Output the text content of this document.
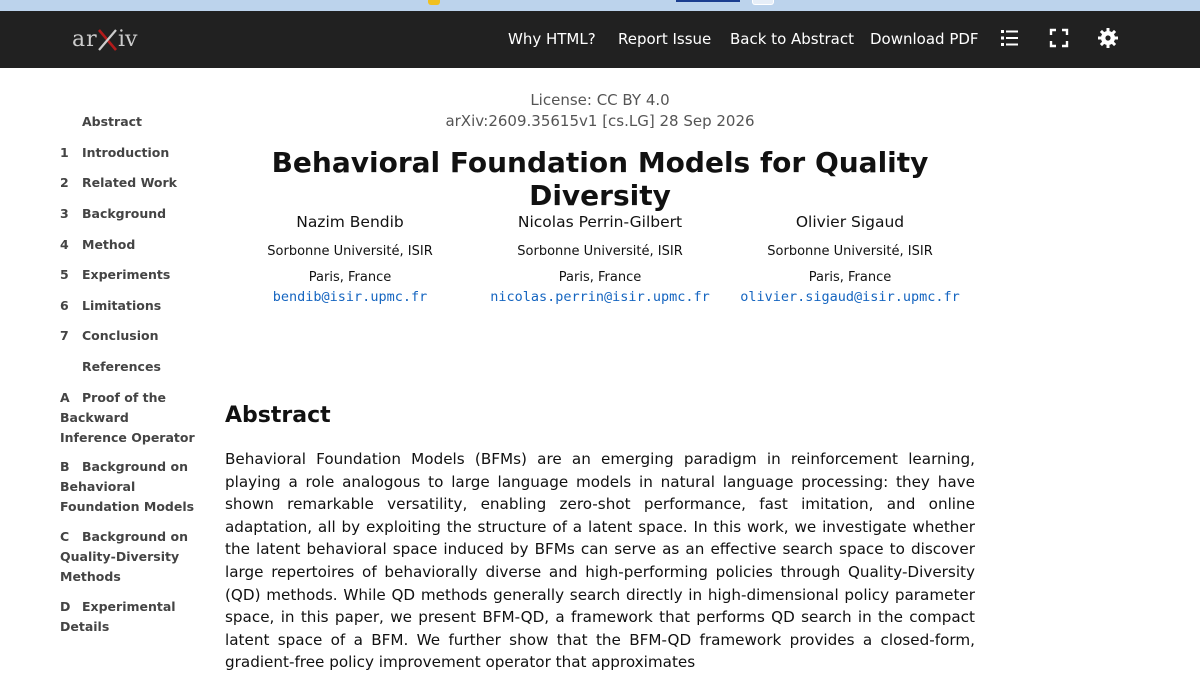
ar iv	Why HTML? Report Issue Back to Abstract Download PDF
Abstract
1 Introduction
2 Related Work
3 Background
4 Method
5 Experiments
6 Limitations
7 Conclusion
References
A Proof of the Backward Inference Operator
B Background on Behavioral Foundation Models
C Background on Quality-Diversity Methods
D Experimental Details
License: CC BY 4.0
arXiv:2609.35615v1 [cs.LG] 28 Sep 2026
Behavioral Foundation Models for Quality Diversity
Nazim Bendib
Sorbonne Université, ISIR
Paris, France
bendib@isir.upmc.fr
Nicolas Perrin-Gilbert
Sorbonne Université, ISIR
Paris, France
nicolas.perrin@isir.upmc.fr
Olivier Sigaud
Sorbonne Université, ISIR
Paris, France
olivier.sigaud@isir.upmc.fr
Abstract
Behavioral Foundation Models (BFMs) are an emerging paradigm in reinforcement learning, playing a role analogous to large language models in natural language processing: they have shown remarkable versatility, enabling zero-shot performance, fast imitation, and online adaptation, all by exploiting the structure of a latent space. In this work, we investigate whether the latent behavioral space induced by BFMs can serve as an effective search space to discover large repertoires of behaviorally diverse and high-performing policies through Quality-Diversity (QD) methods. While QD methods generally search directly in high-dimensional policy parameter space, in this paper, we present BFM-QD, a framework that performs QD search in the compact latent space of a BFM. We further show that the BFM-QD framework provides a closed-form, gradient-free policy improvement operator that approximates
